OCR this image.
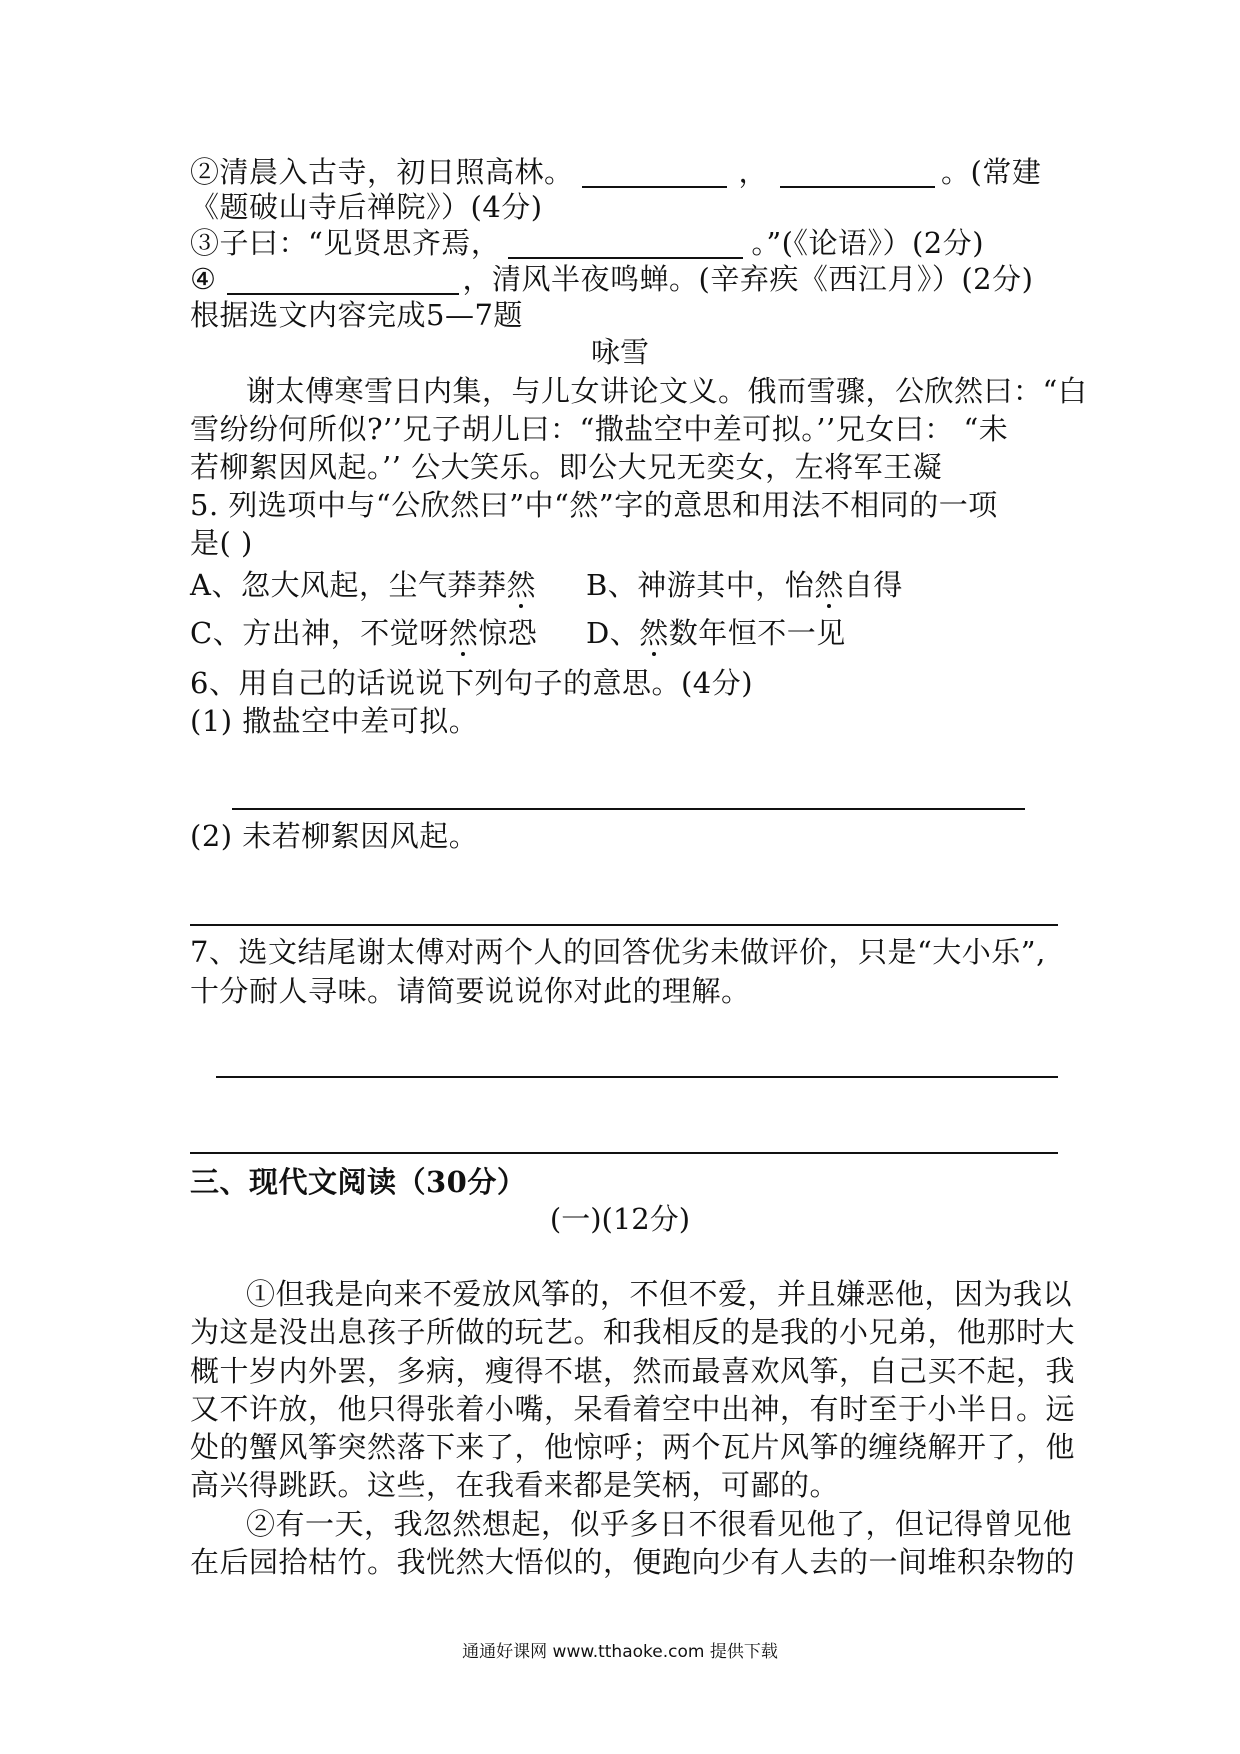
②清晨入古寺，初日照高林。	，	。(常建
《题破山寺后禅院》）(4分)
③子曰：“见贤思齐焉，	。”(《论语》）(2分)
④	，清风半夜鸣蝉。(辛弃疾《西江月》）(2分)
根据选文内容完成5—7题
咏雪
谢太傅寒雪日内集，与儿女讲论文义。俄而雪骤，公欣然曰：“白
雪纷纷何所似?’’兄子胡儿曰：“撒盐空中差可拟。’’兄女曰： “未
若柳絮因风起。’’ 公大笑乐。即公大兄无奕女，左将军王凝
5. 列选项中与“公欣然曰”中“然”字的意思和用法不相同的一项
是( )
A、忽大风起，尘气莽莽然 B、神游其中，怡然自得
C、方出神，不觉呀然惊恐 D、然数年恒不一见
6、用自己的话说说下列句子的意思。(4分)
(1) 撒盐空中差可拟。
(2) 未若柳絮因风起。
7、选文结尾谢太傅对两个人的回答优劣未做评价，只是“大小乐”,
十分耐人寻味。请简要说说你对此的理解。
三、现代文阅读（30分）
(一)(12分)
①但我是向来不爱放风筝的，不但不爱，并且嫌恶他，因为我以
为这是没出息孩子所做的玩艺。和我相反的是我的小兄弟，他那时大
概十岁内外罢，多病，瘦得不堪，然而最喜欢风筝，自己买不起，我
又不许放，他只得张着小嘴，呆看着空中出神，有时至于小半日。远
处的蟹风筝突然落下来了，他惊呼；两个瓦片风筝的缠绕解开了，他
高兴得跳跃。这些，在我看来都是笑柄，可鄙的。
②有一天，我忽然想起，似乎多日不很看见他了，但记得曾见他
在后园拾枯竹。我恍然大悟似的，便跑向少有人去的一间堆积杂物的
通通好课网 www.tthaoke.com 提供下载
